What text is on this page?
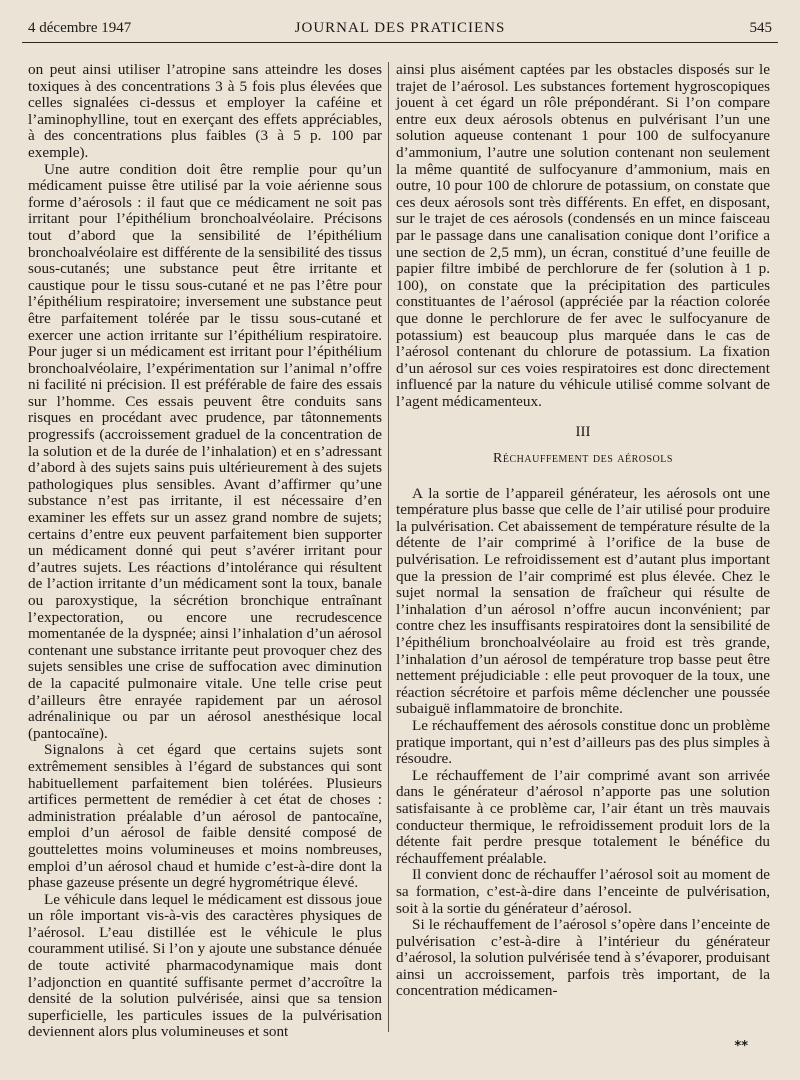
4 décembre 1947	JOURNAL DES PRATICIENS	545

on peut ainsi utiliser l’atropine sans atteindre les doses toxiques à des concentrations 3 à 5 fois plus élevées que celles signalées ci-dessus et employer la caféine et l’aminophylline, tout en exerçant des effets appréciables, à des concentrations plus faibles (3 à 5 p. 100 par exemple).

Une autre condition doit être remplie pour qu’un médicament puisse être utilisé par la voie aérienne sous forme d’aérosols : il faut que ce médicament ne soit pas irritant pour l’épithélium bronchoalvéolaire. Précisons tout d’abord que la sensibilité de l’épithélium bronchoalvéolaire est différente de la sensibilité des tissus sous-cutanés; une substance peut être irritante et caustique pour le tissu sous-cutané et ne pas l’être pour l’épithélium respiratoire; inversement une substance peut être parfaitement tolérée par le tissu sous-cutané et exercer une action irritante sur l’épithélium respiratoire. Pour juger si un médicament est irritant pour l’épithélium bronchoalvéolaire, l’expérimentation sur l’animal n’offre ni facilité ni précision. Il est préférable de faire des essais sur l’homme. Ces essais peuvent être conduits sans risques en procédant avec prudence, par tâtonnements progressifs (accroissement graduel de la concentration de la solution et de la durée de l’inhalation) et en s’adressant d’abord à des sujets sains puis ultérieurement à des sujets pathologiques plus sensibles. Avant d’affirmer qu’une substance n’est pas irritante, il est nécessaire d’en examiner les effets sur un assez grand nombre de sujets; certains d’entre eux peuvent parfaitement bien supporter un médicament donné qui peut s’avérer irritant pour d’autres sujets. Les réactions d’intolérance qui résultent de l’action irritante d’un médicament sont la toux, banale ou paroxystique, la sécrétion bronchique entraînant l’expectoration, ou encore une recrudescence momentanée de la dyspnée; ainsi l’inhalation d’un aérosol contenant une substance irritante peut provoquer chez des sujets sensibles une crise de suffocation avec diminution de la capacité pulmonaire vitale. Une telle crise peut d’ailleurs être enrayée rapidement par un aérosol adrénalinique ou par un aérosol anesthésique local (pantocaïne).

Signalons à cet égard que certains sujets sont extrêmement sensibles à l’égard de substances qui sont habituellement parfaitement bien tolérées. Plusieurs artifices permettent de remédier à cet état de choses : administration préalable d’un aérosol de pantocaïne, emploi d’un aérosol de faible densité composé de gouttelettes moins volumineuses et moins nombreuses, emploi d’un aérosol chaud et humide c’est-à-dire dont la phase gazeuse présente un degré hygrométrique élevé.

Le véhicule dans lequel le médicament est dissous joue un rôle important vis-à-vis des caractères physiques de l’aérosol. L’eau distillée est le véhicule le plus couramment utilisé. Si l’on y ajoute une substance dénuée de toute activité pharmacodynamique mais dont l’adjonction en quantité suffisante permet d’accroître la densité de la solution pulvérisée, ainsi que sa tension superficielle, les particules issues de la pulvérisation deviennent alors plus volumineuses et sont

ainsi plus aisément captées par les obstacles disposés sur le trajet de l’aérosol. Les substances fortement hygroscopiques jouent à cet égard un rôle prépondérant. Si l’on compare entre eux deux aérosols obtenus en pulvérisant l’un une solution aqueuse contenant 1 pour 100 de sulfocyanure d’ammonium, l’autre une solution contenant non seulement la même quantité de sulfocyanure d’ammonium, mais en outre, 10 pour 100 de chlorure de potassium, on constate que ces deux aérosols sont très différents. En effet, en disposant, sur le trajet de ces aérosols (condensés en un mince faisceau par le passage dans une canalisation conique dont l’orifice a une section de 2,5 mm), un écran, constitué d’une feuille de papier filtre imbibé de perchlorure de fer (solution à 1 p. 100), on constate que la précipitation des particules constituantes de l’aérosol (appréciée par la réaction colorée que donne le perchlorure de fer avec le sulfocyanure de potassium) est beaucoup plus marquée dans le cas de l’aérosol contenant du chlorure de potassium. La fixation d’un aérosol sur ces voies respiratoires est donc directement influencé par la nature du véhicule utilisé comme solvant de l’agent médicamenteux.

III
Réchauffement des aérosols

A la sortie de l’appareil générateur, les aérosols ont une température plus basse que celle de l’air utilisé pour produire la pulvérisation. Cet abaissement de température résulte de la détente de l’air comprimé à l’orifice de la buse de pulvérisation. Le refroidissement est d’autant plus important que la pression de l’air comprimé est plus élevée. Chez le sujet normal la sensation de fraîcheur qui résulte de l’inhalation d’un aérosol n’offre aucun inconvénient; par contre chez les insuffisants respiratoires dont la sensibilité de l’épithélium bronchoalvéolaire au froid est très grande, l’inhalation d’un aérosol de température trop basse peut être nettement préjudiciable : elle peut provoquer de la toux, une réaction sécrétoire et parfois même déclencher une poussée subaiguë inflammatoire de bronchite.

Le réchauffement des aérosols constitue donc un problème pratique important, qui n’est d’ailleurs pas des plus simples à résoudre.

Le réchauffement de l’air comprimé avant son arrivée dans le générateur d’aérosol n’apporte pas une solution satisfaisante à ce problème car, l’air étant un très mauvais conducteur thermique, le refroidissement produit lors de la détente fait perdre presque totalement le bénéfice du réchauffement préalable.

Il convient donc de réchauffer l’aérosol soit au moment de sa formation, c’est-à-dire dans l’enceinte de pulvérisation, soit à la sortie du générateur d’aérosol.

Si le réchauffement de l’aérosol s’opère dans l’enceinte de pulvérisation c’est-à-dire à l’intérieur du générateur d’aérosol, la solution pulvérisée tend à s’évaporer, produisant ainsi un accroissement, parfois très important, de la concentration médicamen-

**
